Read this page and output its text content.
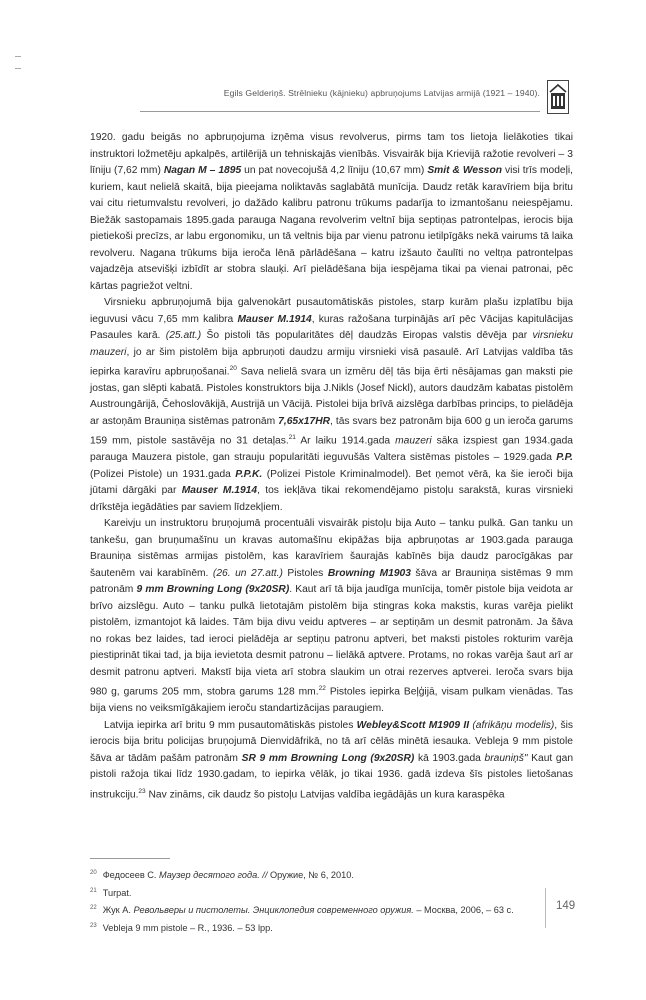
Egils Gelderiņš. Strēlnieku (kājnieku) apbruņojums Latvijas armijā (1921 – 1940).

1920. gadu beigās no apbruņojuma izņēma visus revolverus, pirms tam tos lietoja lielākoties tikai instruktori ložmetēju apkalpēs, artilērijā un tehniskajās vienībās. Visvairāk bija Krievijā ražotie revolveri – 3 līniju (7,62 mm) Nagan M – 1895 un pat novecojušā 4,2 līniju (10,67 mm) Smit & Wesson visi trīs modeļi, kuriem, kaut nelielā skaitā, bija pieejama noliktavās saglabātā munīcija. Daudz retāk karavīriem bija britu vai citu rietumvalstu revolveri, jo dažādo kalibru patronu trūkums padarīja to izmantošanu neiespējamu. Biežāk sastopamais 1895.gada parauga Nagana revolverim veltnī bija septiņas patrontelpas, ierocis bija pietiekoši precīzs, ar labu ergonomiku, un tā veltnis bija par vienu patronu ietilpīgāks nekā vairums tā laika revolveru. Nagana trūkums bija ieroča lēnā pārlādēšana – katru izšauto čaulīti no veltņa patrontelpas vajadzēja atsevišķi izbīdīt ar stobra slauķi. Arī pielādēšana bija iespējama tikai pa vienai patronai, pēc kārtas pagriežot veltni.

Virsnieku apbruņojumā bija galvenokārt pusautomātiskās pistoles, starp kurām plašu izplatību bija ieguvusi vācu 7,65 mm kalibra Mauser M.1914, kuras ražošana turpinājās arī pēc Vācijas kapitulācijas Pasaules karā. (25.att.) Šo pistoli tās popularitātes dēļ daudzās Eiropas valstis dēvēja par virsnieku mauzeri, jo ar šim pistolēm bija apbruņoti daudzu armiju virsnieki visā pasaulē. Arī Latvijas valdība tās iepirka karavīru apbruņošanai.$^{20}$ Sava nelielā svara un izmēru dēļ tās bija ērti nēsājamas gan maksti pie jostas, gan slēpti kabatā. Pistoles konstruktors bija J.Nikls (Josef Nickl), autors daudzām kabatas pistolēm Austroungārijā, Čehoslovākijā, Austrijā un Vācijā. Pistolei bija brīvā aizslēga darbības princips, to pielādēja ar astoņām Brauniņa sistēmas patronām 7,65x17HR, tās svars bez patronām bija 600 g un ieroča garums 159 mm, pistole sastāvēja no 31 detaļas.$^{21}$ Ar laiku 1914.gada mauzeri sāka izspiest gan 1934.gada parauga Mauzera pistole, gan strauju popularitāti ieguvušās Valtera sistēmas pistoles – 1929.gada P.P. (Polizei Pistole) un 1931.gada P.P.K. (Polizei Pistole Kriminalmodel). Bet ņemot vērā, ka šie ieroči bija jūtami dārgāki par Mauser M.1914, tos iekļāva tikai rekomendējamo pistoļu sarakstā, kuras virsnieki drīkstēja iegādāties par saviem līdzekļiem.

Kareivju un instruktoru bruņojumā procentuāli visvairāk pistoļu bija Auto – tanku pulkā. Gan tanku un tankešu, gan bruņumašīnu un kravas automašīnu ekipāžas bija apbruņotas ar 1903.gada parauga Brauniņa sistēmas armijas pistolēm, kas karavīriem šaurajās kabīnēs bija daudz parocīgākas par šautenēm vai karabīnēm. (26. un 27.att.) Pistoles Browning M1903 šāva ar Brauniņa sistēmas 9 mm patronām 9 mm Browning Long (9x20SR). Kaut arī tā bija jaudīga munīcija, tomēr pistole bija veidota ar brīvo aizslēgu. Auto – tanku pulkā lietotajām pistolēm bija stingras koka makstis, kuras varēja pielikt pistolēm, izmantojot kā laides. Tām bija divu veidu aptveres – ar septiņām un desmit patronām. Ja šāva no rokas bez laides, tad ieroci pielādēja ar septiņu patronu aptveri, bet maksti pistoles rokturim varēja piestiprināt tikai tad, ja bija ievietota desmit patronu – lielākā aptvere. Protams, no rokas varēja šaut arī ar desmit patronu aptveri. Makstī bija vieta arī stobra slaukim un otrai rezerves aptverei. Ieroča svars bija 980 g, garums 205 mm, stobra garums 128 mm.$^{22}$ Pistoles iepirka Beļģijā, visam pulkam vienādas. Tas bija viens no veiksmīgākajiem ieroču standartizācijas paraugiem.

Latvija iepirka arī britu 9 mm pusautomātiskās pistoles Webley&Scott M1909 II (afrikāņu modelis), šis ierocis bija britu policijas bruņojumā Dienvidāfrikā, no tā arī cēlās minētā iesauka. Vebleja 9 mm pistole šāva ar tādām pašām patronām SR 9 mm Browning Long (9x20SR) kā 1903.gada brauniņš" Kaut gan pistoli ražoja tikai līdz 1930.gadam, to iepirka vēlāk, jo tikai 1936. gadā izdeva šīs pistoles lietošanas instrukciju.$^{23}$ Nav zināms, cik daudz šo pistoļu Latvijas valdība iegādājās un kura karaspēka

$^{20}$ Федосеев С. Маузер десятого года. // Оружие, № 6, 2010.
$^{21}$ Turpat.
$^{22}$ Жук А. Револьверы и пистолеты. Энциклопедия современного оружия. – Москва, 2006, – 63 с.
$^{23}$ Vebleja 9 mm pistole – R., 1936. – 53 lpp.
149
